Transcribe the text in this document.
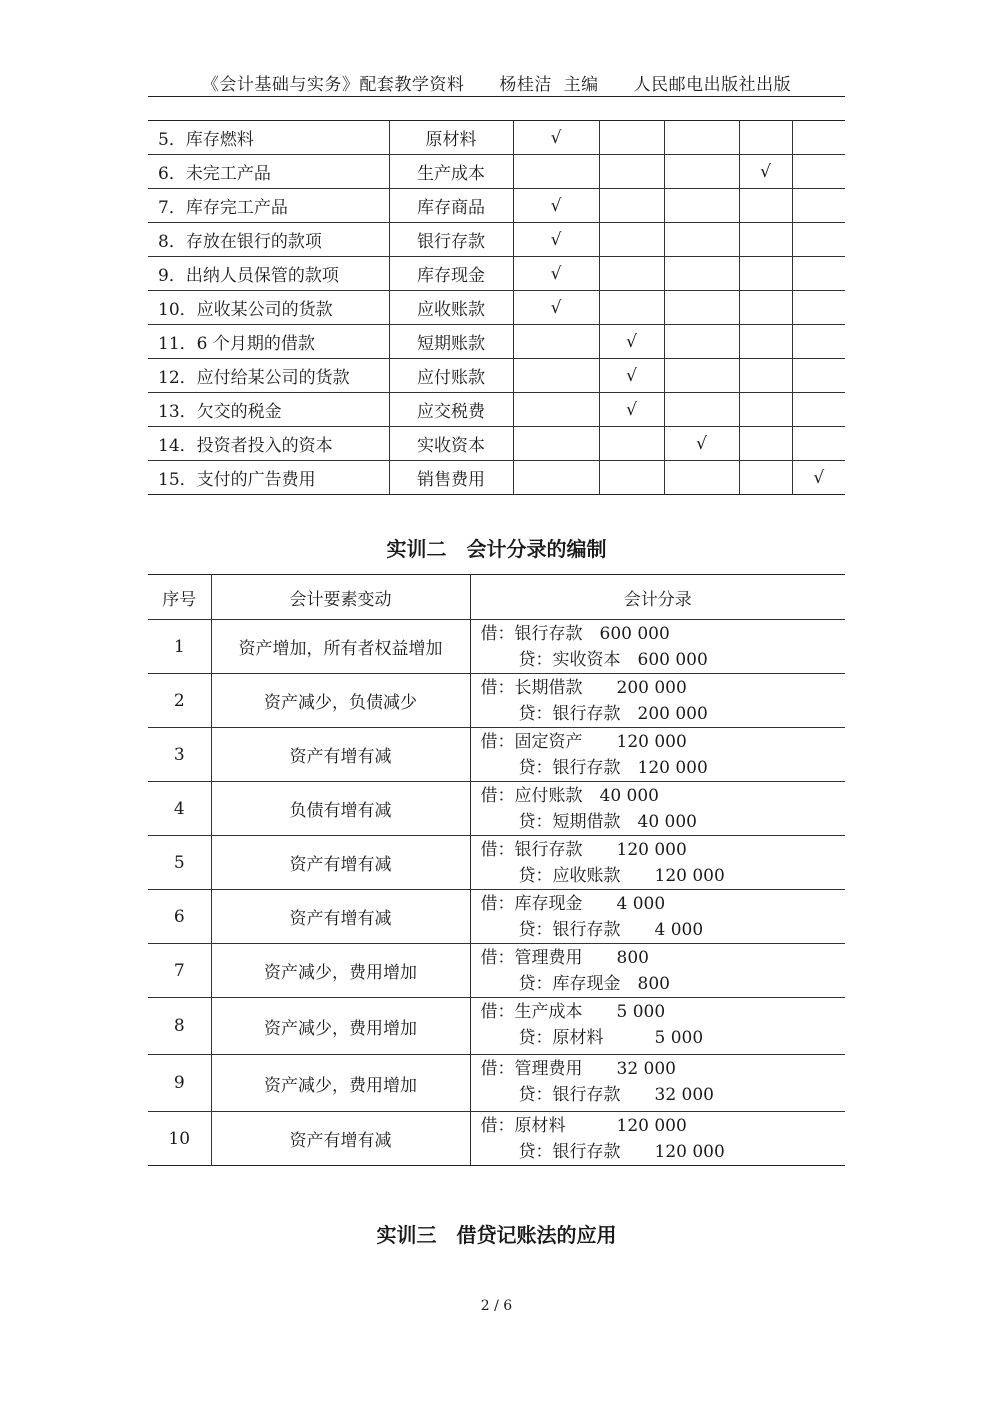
《会计基础与实务》配套教学资料　　杨桂洁  主编　　人民邮电出版社出版
5．库存燃料	原材料	√				
6．未完工产品	生产成本				√	
7．库存完工产品	库存商品	√				
8．存放在银行的款项	银行存款	√				
9．出纳人员保管的款项	库存现金	√				
10．应收某公司的货款	应收账款	√				
11．6 个月期的借款	短期账款		√			
12．应付给某公司的货款	应付账款		√			
13．欠交的税金	应交税费		√			
14．投资者投入的资本	实收资本			√		
15．支付的广告费用	销售费用					√
实训二　会计分录的编制
序号	会计要素变动	会计分录
1	资产增加，所有者权益增加	借：银行存款　600 000
贷：实收资本　600 000

2	资产减少，负债减少	借：长期借款　　200 000
贷：银行存款　200 000

3	资产有增有减	借：固定资产　　120 000
贷：银行存款　120 000

4	负债有增有减	借：应付账款　40 000
贷：短期借款　40 000

5	资产有增有减	借：银行存款　　120 000
贷：应收账款　　120 000

6	资产有增有减	借：库存现金　　4 000
贷：银行存款　　4 000

7	资产减少，费用增加	借：管理费用　　800
贷：库存现金　800

8	资产减少，费用增加	借：生产成本　　5 000
贷：原材料　　　5 000

9	资产减少，费用增加	借：管理费用　　32 000
贷：银行存款　　32 000

10	资产有增有减	借：原材料　　　120 000
贷：银行存款　　120 000
实训三　借贷记账法的应用
2 / 6
